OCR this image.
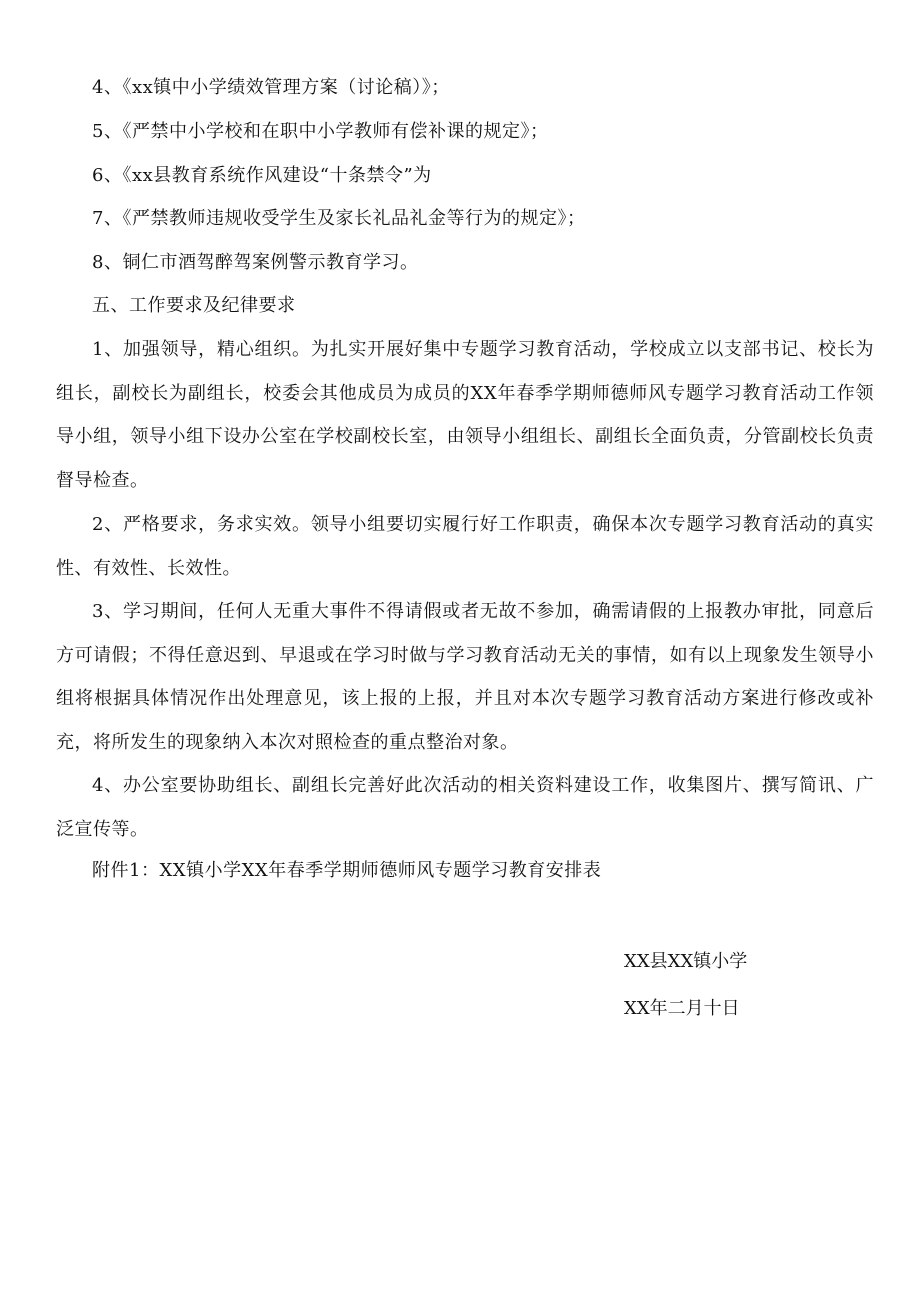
4、《xx镇中小学绩效管理方案（讨论稿）》；
5、《严禁中小学校和在职中小学教师有偿补课的规定》；
6、《xx县教育系统作风建设“十条禁令”为
7、《严禁教师违规收受学生及家长礼品礼金等行为的规定》；
8、铜仁市酒驾醉驾案例警示教育学习。
五、工作要求及纪律要求
1、加强领导，精心组织。为扎实开展好集中专题学习教育活动，学校成立以支部书记、校长为组长，副校长为副组长，校委会其他成员为成员的XX年春季学期师德师风专题学习教育活动工作领导小组，领导小组下设办公室在学校副校长室，由领导小组组长、副组长全面负责，分管副校长负责督导检查。
2、严格要求，务求实效。领导小组要切实履行好工作职责，确保本次专题学习教育活动的真实性、有效性、长效性。
3、学习期间，任何人无重大事件不得请假或者无故不参加，确需请假的上报教办审批，同意后方可请假；不得任意迟到、早退或在学习时做与学习教育活动无关的事情，如有以上现象发生领导小组将根据具体情况作出处理意见，该上报的上报，并且对本次专题学习教育活动方案进行修改或补充，将所发生的现象纳入本次对照检查的重点整治对象。
4、办公室要协助组长、副组长完善好此次活动的相关资料建设工作，收集图片、撰写简讯、广泛宣传等。
附件1：XX镇小学XX年春季学期师德师风专题学习教育安排表
XX县XX镇小学
XX年二月十日
